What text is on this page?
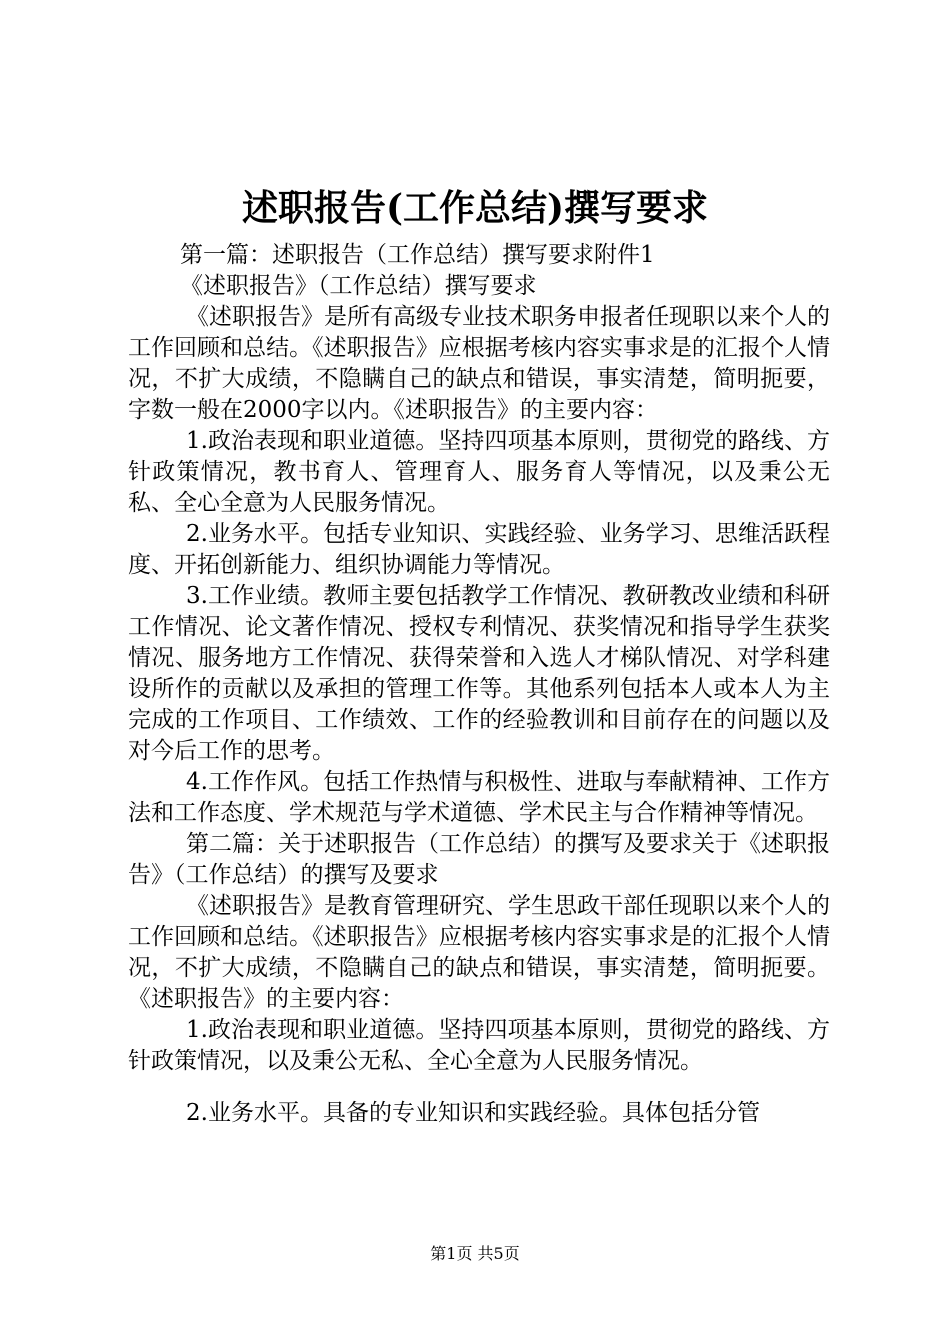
述职报告(工作总结)撰写要求

第一篇：述职报告（工作总结）撰写要求附件1

《述职报告》（工作总结）撰写要求

《述职报告》是所有高级专业技术职务申报者任现职以来个人的工作回顾和总结。《述职报告》应根据考核内容实事求是的汇报个人情况，不扩大成绩，不隐瞒自己的缺点和错误，事实清楚，简明扼要，字数一般在2000字以内。《述职报告》的主要内容：

1.政治表现和职业道德。坚持四项基本原则，贯彻党的路线、方针政策情况，教书育人、管理育人、服务育人等情况，以及秉公无私、全心全意为人民服务情况。

2.业务水平。包括专业知识、实践经验、业务学习、思维活跃程度、开拓创新能力、组织协调能力等情况。

3.工作业绩。教师主要包括教学工作情况、教研教改业绩和科研工作情况、论文著作情况、授权专利情况、获奖情况和指导学生获奖情况、服务地方工作情况、获得荣誉和入选人才梯队情况、对学科建设所作的贡献以及承担的管理工作等。其他系列包括本人或本人为主完成的工作项目、工作绩效、工作的经验教训和目前存在的问题以及对今后工作的思考。

4.工作作风。包括工作热情与积极性、进取与奉献精神、工作方法和工作态度、学术规范与学术道德、学术民主与合作精神等情况。

第二篇：关于述职报告（工作总结）的撰写及要求关于《述职报告》（工作总结）的撰写及要求

《述职报告》是教育管理研究、学生思政干部任现职以来个人的工作回顾和总结。《述职报告》应根据考核内容实事求是的汇报个人情况，不扩大成绩，不隐瞒自己的缺点和错误，事实清楚，简明扼要。《述职报告》的主要内容：

1.政治表现和职业道德。坚持四项基本原则，贯彻党的路线、方针政策情况，以及秉公无私、全心全意为人民服务情况。

2.业务水平。具备的专业知识和实践经验。具体包括分管

第1页 共5页
